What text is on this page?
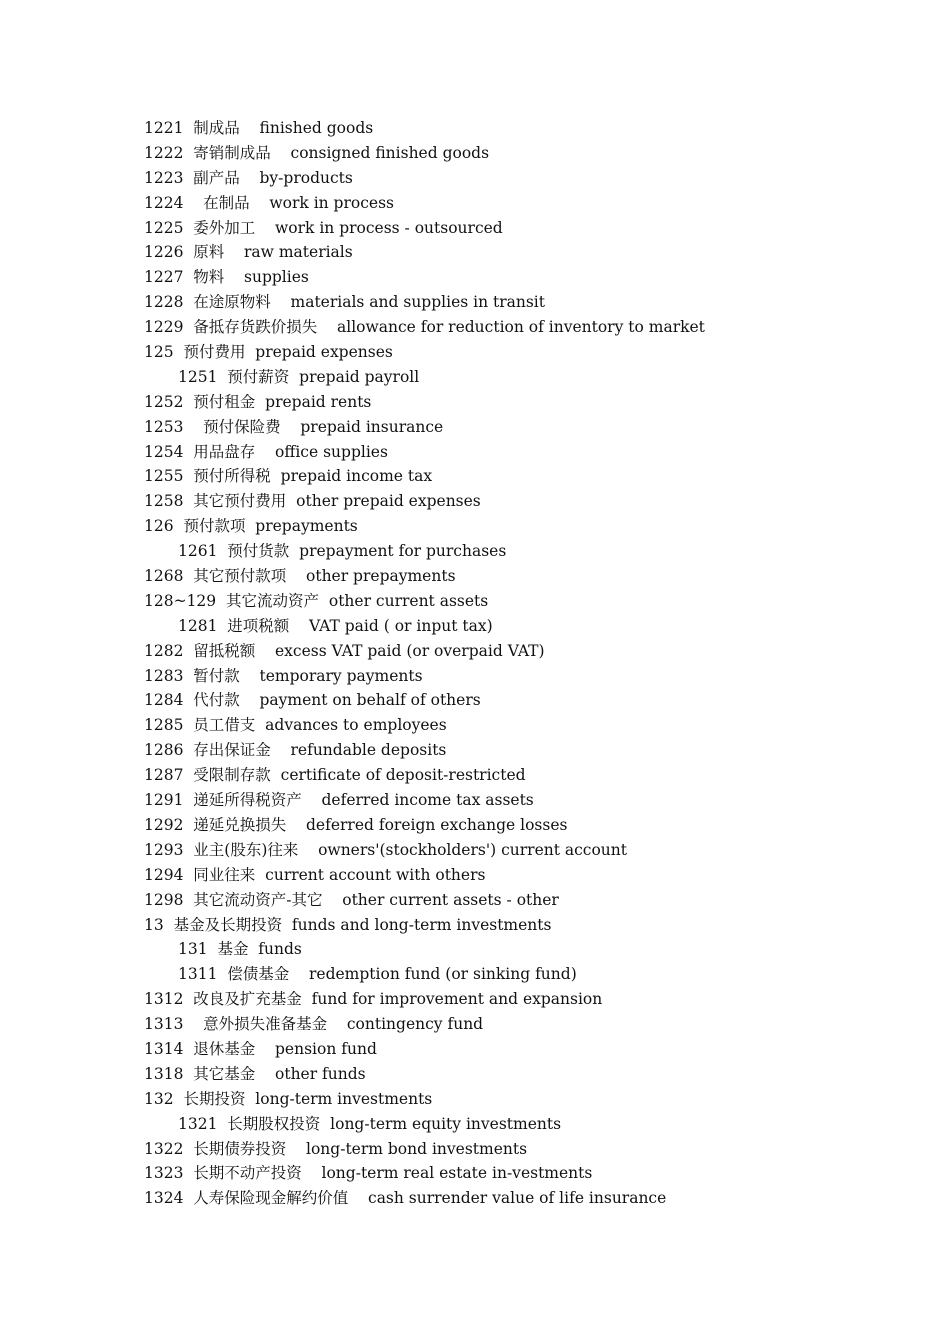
1221  制成品    finished goods
1222  寄销制成品    consigned finished goods
1223  副产品    by-products
1224    在制品    work in process
1225  委外加工    work in process - outsourced
1226  原料    raw materials
1227  物料    supplies
1228  在途原物料    materials and supplies in transit
1229  备抵存货跌价损失    allowance for reduction of inventory to market
125  预付费用  prepaid expenses
1251  预付薪资  prepaid payroll
1252  预付租金  prepaid rents
1253    预付保险费    prepaid insurance
1254  用品盘存    office supplies
1255  预付所得税  prepaid income tax
1258  其它预付费用  other prepaid expenses
126  预付款项  prepayments
1261  预付货款  prepayment for purchases
1268  其它预付款项    other prepayments
128~129  其它流动资产  other current assets
1281  进项税额    VAT paid ( or input tax)
1282  留抵税额    excess VAT paid (or overpaid VAT)
1283  暂付款    temporary payments
1284  代付款    payment on behalf of others
1285  员工借支  advances to employees
1286  存出保证金    refundable deposits
1287  受限制存款  certificate of deposit-restricted
1291  递延所得税资产    deferred income tax assets
1292  递延兑换损失    deferred foreign exchange losses
1293  业主(股东)往来    owners'(stockholders') current account
1294  同业往来  current account with others
1298  其它流动资产-其它    other current assets - other
13  基金及长期投资  funds and long-term investments
131  基金  funds
1311  偿债基金    redemption fund (or sinking fund)
1312  改良及扩充基金  fund for improvement and expansion
1313    意外损失准备基金    contingency fund
1314  退休基金    pension fund
1318  其它基金    other funds
132  长期投资  long-term investments
1321  长期股权投资  long-term equity investments
1322  长期债券投资    long-term bond investments
1323  长期不动产投资    long-term real estate in-vestments
1324  人寿保险现金解约价值    cash surrender value of life insurance
